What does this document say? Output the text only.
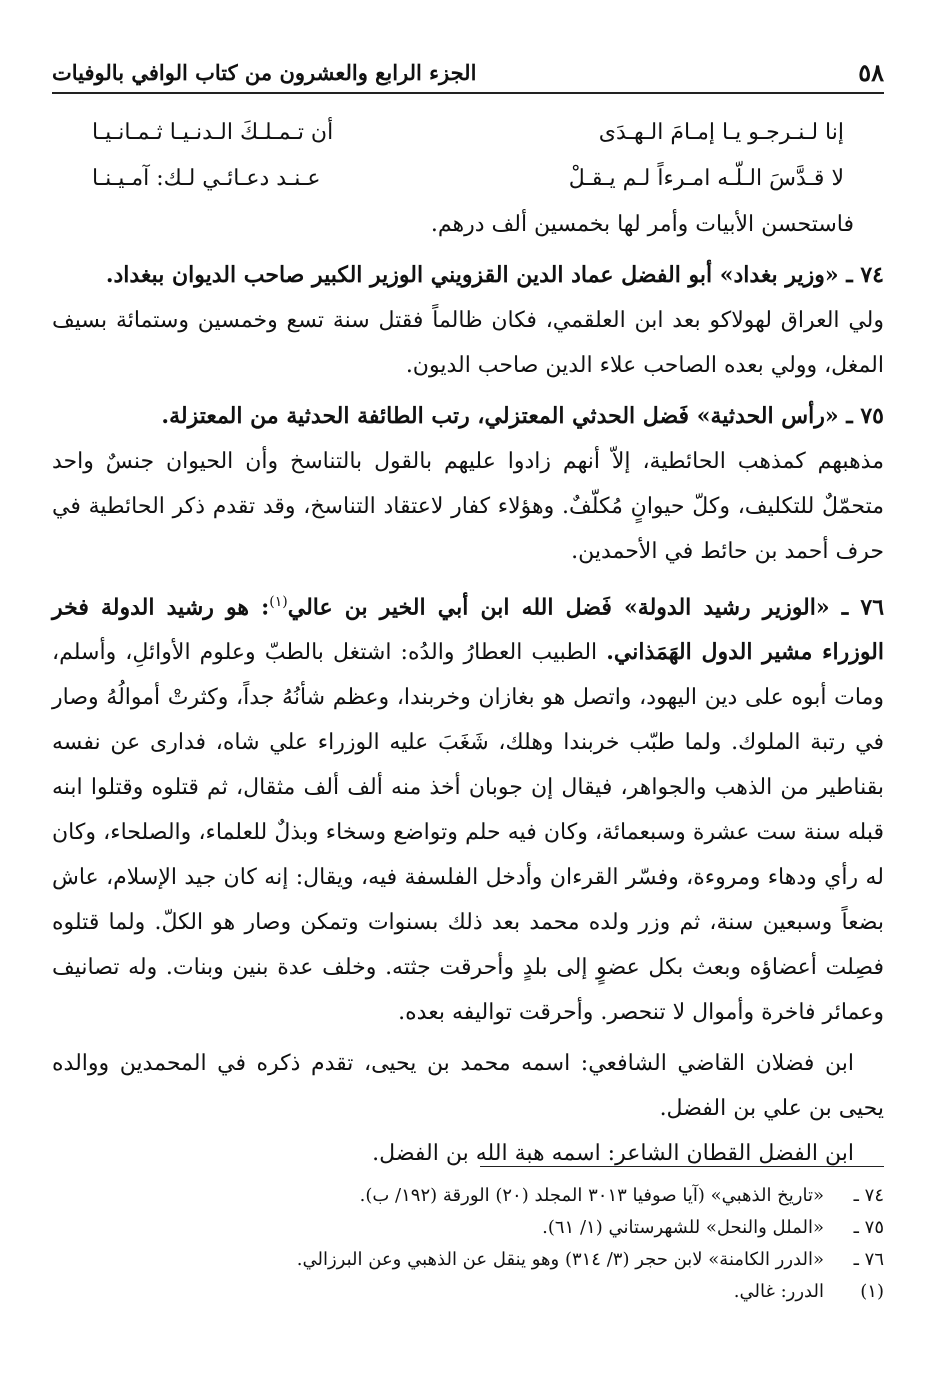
٥٨
الجزء الرابع والعشرون من كتاب الوافي بالوفيات
إنا لـنـرجـو يـا إمـامَ الـهـدَى
أن تـمـلـكَ الـدنـيـا ثـمـانـيـا
لا قـدَّسَ الـلّـه امـرءاً لـم يـقـلْ
عـنـد دعـائـي لـك: آمـيـنـا

فاستحسن الأبيات وأمر لها بخمسين ألف درهم.

٧٤ ـ «وزير بغداد» أبو الفضل عماد الدين القزويني الوزير الكبير صاحب الديوان ببغداد.

ولي العراق لهولاكو بعد ابن العلقمي، فكان ظالماً فقتل سنة تسع وخمسين وستمائة بسيف المغل، وولي بعده الصاحب علاء الدين صاحب الديون.

٧٥ ـ «رأس الحدثية» فَضل الحدثي المعتزلي، رتب الطائفة الحدثية من المعتزلة.

مذهبهم كمذهب الحائطية، إلاّ أنهم زادوا عليهم بالقول بالتناسخ وأن الحيوان جنسٌ واحد متحمّلٌ للتكليف، وكلّ حيوانٍ مُكلّفٌ. وهؤلاء كفار لاعتقاد التناسخ، وقد تقدم ذكر الحائطية في حرف أحمد بن حائط في الأحمدين.

٧٦ ـ «الوزير رشيد الدولة» فَضل الله ابن أبي الخير بن عالي$^{(١)}$: هو رشيد الدولة فخر الوزراء مشير الدول الهَمَذاني. الطبيب العطارُ والدُه: اشتغل بالطبّ وعلوم الأوائلِ، وأسلم، ومات أبوه على دين اليهود، واتصل هو بغازان وخربندا، وعظم شأنُهُ جداً، وكثرتْ أموالُهُ وصار في رتبة الملوك. ولما طبّب خربندا وهلك، شَغَبَ عليه الوزراء علي شاه، فدارى عن نفسه بقناطير من الذهب والجواهر، فيقال إن جوبان أخذ منه ألف ألف مثقال، ثم قتلوه وقتلوا ابنه قبله سنة ست عشرة وسبعمائة، وكان فيه حلم وتواضع وسخاء وبذلٌ للعلماء، والصلحاء، وكان له رأي ودهاء ومروءة، وفسّر القرءان وأدخل الفلسفة فيه، ويقال: إنه كان جيد الإسلام، عاش بضعاً وسبعين سنة، ثم وزر ولده محمد بعد ذلك بسنوات وتمكن وصار هو الكلّ. ولما قتلوه فصِلت أعضاؤه وبعث بكل عضوٍ إلى بلدٍ وأحرقت جثته. وخلف عدة بنين وبنات. وله تصانيف وعمائر فاخرة وأموال لا تنحصر. وأحرقت تواليفه بعده.

ابن فضلان القاضي الشافعي: اسمه محمد بن يحيى، تقدم ذكره في المحمدين ووالده يحيى بن علي بن الفضل.

ابن الفضل القطان الشاعر: اسمه هبة الله بن الفضل.

٧٤ ـ
«تاريخ الذهبي» (آيا صوفيا ٣٠١٣ المجلد (٢٠) الورقة (١٩٢/ ب).
٧٥ ـ
«الملل والنحل» للشهرستاني (١/ ٦١).
٧٦ ـ
«الدرر الكامنة» لابن حجر (٣/ ٣١٤) وهو ينقل عن الذهبي وعن البرزالي.
(١)
الدرر: غالي.
